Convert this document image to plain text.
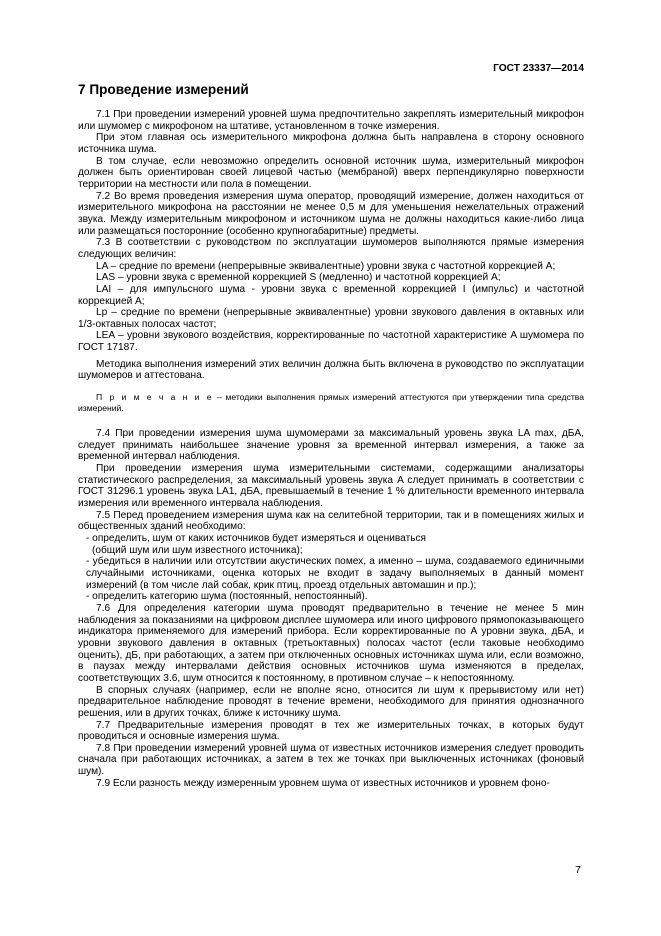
ГОСТ 23337—2014
7 Проведение измерений

7.1 При проведении измерений уровней шума предпочтительно закреплять измерительный микрофон или шумомер с микрофоном на штативе, установленном в точке измерения.

При этом главная ось измерительного микрофона должна быть направлена в сторону основного источника шума.

В том случае, если невозможно определить основной источник шума, измерительный микрофон должен быть ориентирован своей лицевой частью (мембраной) вверх перпендикулярно поверхности территории на местности или пола в помещении.

7.2 Во время проведения измерения шума оператор, проводящий измерение, должен находиться от измерительного микрофона на расстоянии не менее 0,5 м для уменьшения нежелательных отражений звука. Между измерительным микрофоном и источником шума не должны находиться какие-либо лица или размещаться посторонние (особенно крупногабаритные) предметы.

7.3 В соответствии с руководством по эксплуатации шумомеров выполняются прямые измерения следующих величин:

LA – средние по времени (непрерывные эквивалентные) уровни звука с частотной коррекцией A;

LAS – уровни звука с временной коррекцией S (медленно) и частотной коррекцией A;

LAI – для импульсного шума - уровни звука с временной коррекцией I (импульс) и частотной коррекцией A;

Lp – средние по времени (непрерывные эквивалентные) уровни звукового давления в октавных или 1/3-октавных полосах частот;

LEA – уровни звукового воздействия, корректированные по частотной характеристике A шумомера по ГОСТ 17187.

Методика выполнения измерений этих величин должна быть включена в руководство по эксплуатации шумомеров и аттестована.

П р и м е ч а н и е – методики выполнения прямых измерений аттестуются при утверждении типа средства измерений.

7.4 При проведении измерения шума шумомерами за максимальный уровень звука LA max, дБA, следует принимать наибольшее значение уровня за временной интервал измерения, а также за временной интервал наблюдения.

При проведении измерения шума измерительными системами, содержащими анализаторы статистического распределения, за максимальный уровень звука A следует принимать в соответствии с ГОСТ 31296.1 уровень звука LA1, дБA, превышаемый в течение 1 % длительности временного интервала измерения или временного интервала наблюдения.

7.5 Перед проведением измерения шума как на селитебной территории, так и в помещениях жилых и общественных зданий необходимо:

- определить, шум от каких источников будет измеряться и оцениваться

(общий шум или шум известного источника);

- убедиться в наличии или отсутствии акустических помех, а именно – шума, создаваемого единичными случайными источниками, оценка которых не входит в задачу выполняемых в данный момент измерений (в том числе лай собак, крик птиц, проезд отдельных автомашин и пр.);

- определить категорию шума (постоянный, непостоянный).

7.6 Для определения категории шума проводят предварительно в течение не менее 5 мин наблюдения за показаниями на цифровом дисплее шумомера или иного цифрового прямопоказывающего индикатора применяемого для измерений прибора. Если корректированные по A уровни звука, дБA, и уровни звукового давления в октавных (третьоктавных) полосах частот (если таковые необходимо оценить), дБ, при работающих, а затем при отключенных основных источниках шума или, если возможно, в паузах между интервалами действия основных источников шума изменяются в пределах, соответствующих 3.6, шум относится к постоянному, в противном случае – к непостоянному.

В спорных случаях (например, если не вполне ясно, относится ли шум к прерывистому или нет) предварительное наблюдение проводят в течение времени, необходимого для принятия однозначного решения, или в других точках, ближе к источнику шума.

7.7 Предварительные измерения проводят в тех же измерительных точках, в которых будут проводиться и основные измерения шума.

7.8 При проведении измерений уровней шума от известных источников измерения следует проводить сначала при работающих источниках, а затем в тех же точках при выключенных источниках (фоновый шум).

7.9 Если разность между измеренным уровнем шума от известных источников и уровнем фоно-

7
